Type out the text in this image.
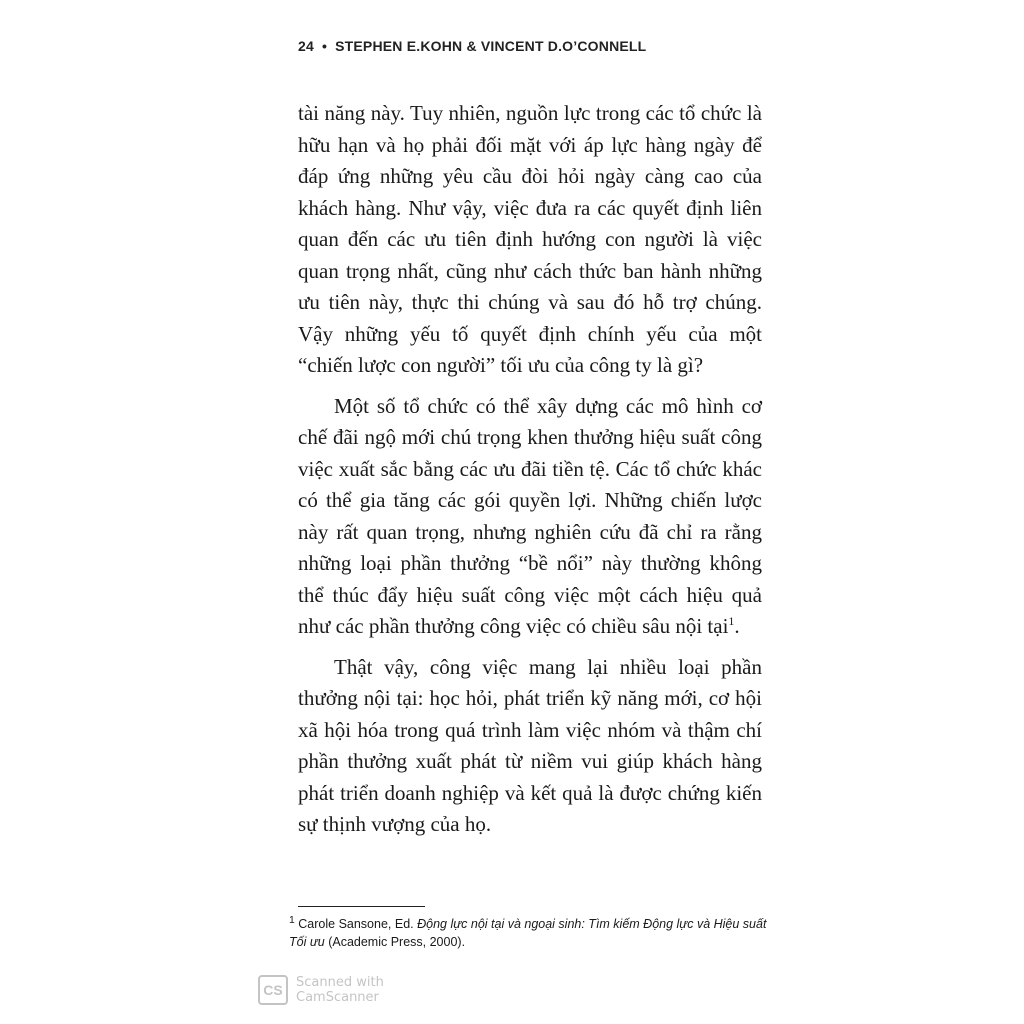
24 • STEPHEN E.KOHN & VINCENT D.O’CONNELL

tài năng này. Tuy nhiên, nguồn lực trong các tổ chức là hữu hạn và họ phải đối mặt với áp lực hàng ngày để đáp ứng những yêu cầu đòi hỏi ngày càng cao của khách hàng. Như vậy, việc đưa ra các quyết định liên quan đến các ưu tiên định hướng con người là việc quan trọng nhất, cũng như cách thức ban hành những ưu tiên này, thực thi chúng và sau đó hỗ trợ chúng. Vậy những yếu tố quyết định chính yếu của một “chiến lược con người” tối ưu của công ty là gì?

Một số tổ chức có thể xây dựng các mô hình cơ chế đãi ngộ mới chú trọng khen thưởng hiệu suất công việc xuất sắc bằng các ưu đãi tiền tệ. Các tổ chức khác có thể gia tăng các gói quyền lợi. Những chiến lược này rất quan trọng, nhưng nghiên cứu đã chỉ ra rằng những loại phần thưởng “bề nổi” này thường không thể thúc đẩy hiệu suất công việc một cách hiệu quả như các phần thưởng công việc có chiều sâu nội tại$^1$.

Thật vậy, công việc mang lại nhiều loại phần thưởng nội tại: học hỏi, phát triển kỹ năng mới, cơ hội xã hội hóa trong quá trình làm việc nhóm và thậm chí phần thưởng xuất phát từ niềm vui giúp khách hàng phát triển doanh nghiệp và kết quả là được chứng kiến sự thịnh vượng của họ.

$^1$ Carole Sansone, Ed. Động lực nội tại và ngoại sinh: Tìm kiếm Động lực và Hiệu suất Tối ưu (Academic Press, 2000).
CS	Scanned with
CamScanner
